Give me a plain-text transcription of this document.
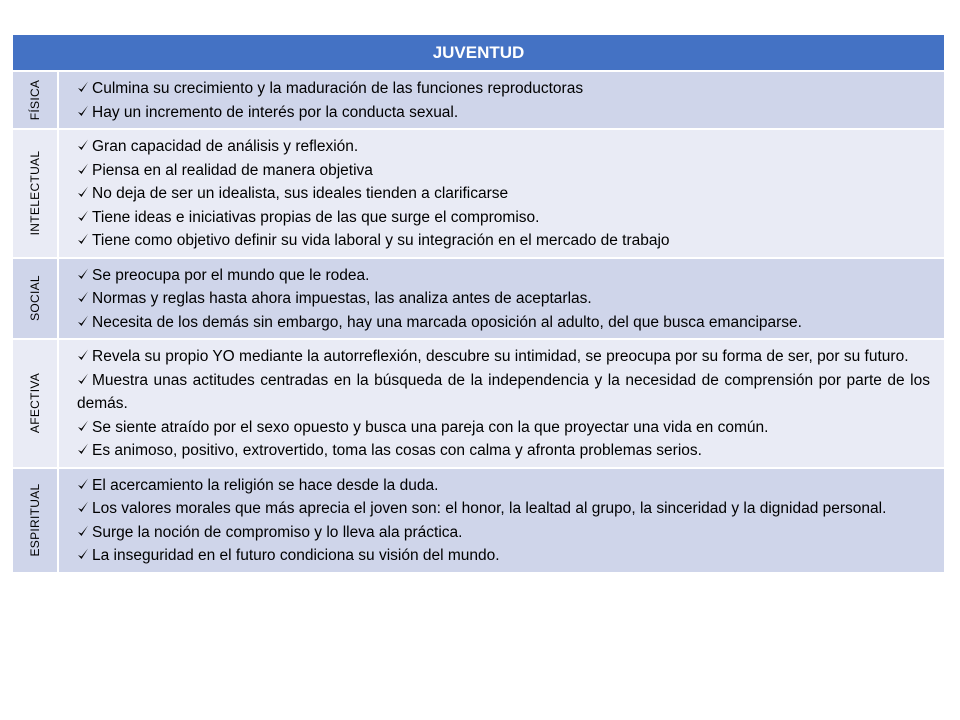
JUVENTUD
FÍSICA	Culmina su crecimiento y la maduración de las funciones reproductoras
Hay un incremento de interés por la conducta sexual.
INTELECTUAL
Gran capacidad de análisis y reflexión.
Piensa en al realidad de manera objetiva
No deja de ser un idealista, sus ideales tienden a clarificarse
Tiene ideas e iniciativas propias de las que surge el compromiso.
Tiene como objetivo definir su vida laboral y su integración en el mercado de trabajo
SOCIAL
Se preocupa por el mundo que le rodea.
Normas y reglas hasta ahora impuestas, las analiza antes de aceptarlas.
Necesita de los demás sin embargo, hay una marcada oposición al adulto, del que busca emanciparse.
AFECTIVA
Revela su propio YO mediante la autorreflexión, descubre su intimidad, se preocupa por su forma de ser, por su futuro.
Muestra unas actitudes centradas en la búsqueda de la independencia y la necesidad de comprensión por parte de los demás.
Se siente atraído por el sexo opuesto y busca una pareja con la que proyectar una vida en común.
Es animoso, positivo, extrovertido, toma las cosas con calma y afronta problemas serios.
ESPIRITUAL	El acercamiento la religión se hace desde la duda.
Los valores morales que más aprecia el joven son: el honor, la lealtad al grupo, la sinceridad y la dignidad personal.
Surge la noción de compromiso y lo lleva ala práctica.
La inseguridad en el futuro condiciona su visión del mundo.
